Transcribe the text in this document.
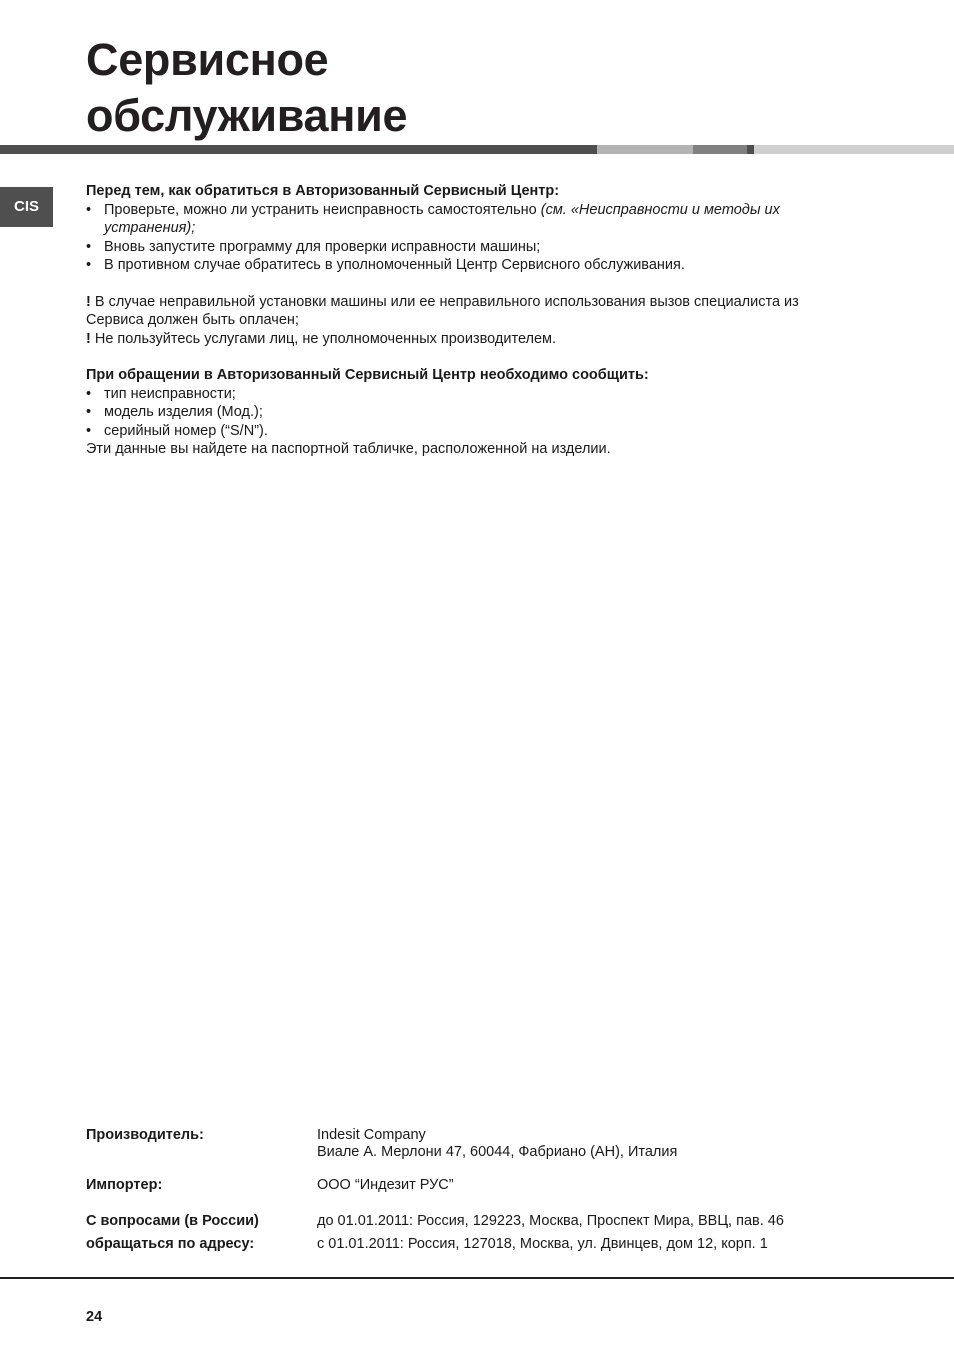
Сервисное
обслуживание
CIS

Перед тем, как обратиться в Авторизованный Сервисный Центр:

• Проверьте, можно ли устранить неисправность самостоятельно (см. «Неисправности и методы их устранения);
• Вновь запустите программу для проверки исправности машины;
• В противном случае обратитесь в уполномоченный Центр Сервисного обслуживания.

! В случае неправильной установки машины или ее неправильного использования вызов специалиста из Сервиса должен быть оплачен;

! Не пользуйтесь услугами лиц, не уполномоченных производителем.

При обращении в Авторизованный Сервисный Центр необходимо сообщить:

• тип неисправности;
• модель изделия (Мод.);
• серийный номер (“S/N”).

Эти данные вы найдете на паспортной табличке, расположенной на изделии.

Производитель:	Indesit Company
Виале А. Мерлони 47, 60044, Фабриано (АН), Италия
Импортер:	ООО “Индезит РУС”
С вопросами (в России)
обращаться по адресу:
до 01.01.2011: Россия, 129223, Москва, Проспект Мира, ВВЦ, пав. 46
с 01.01.2011: Россия, 127018, Москва, ул. Двинцев, дом 12, корп. 1
24
